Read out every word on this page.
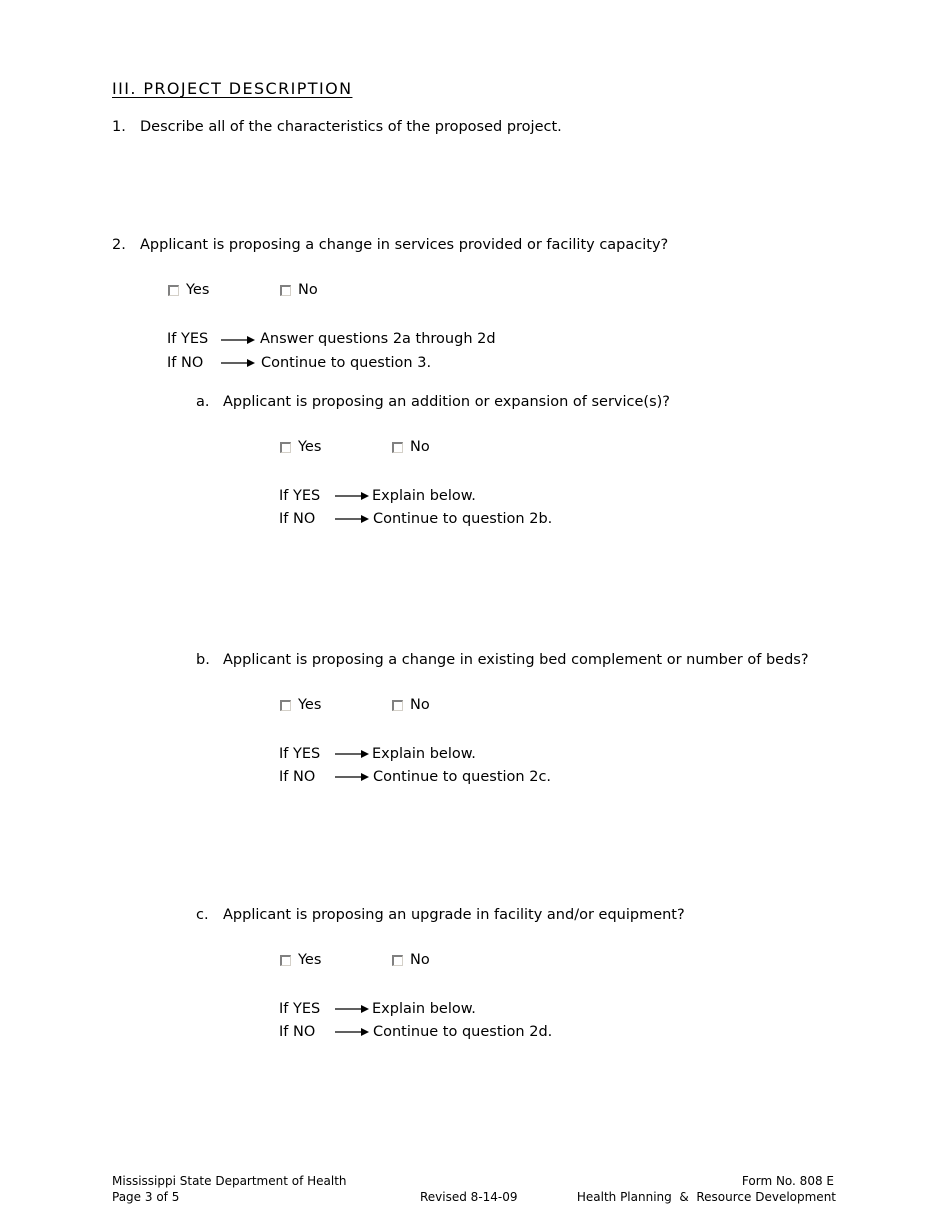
III. PROJECT DESCRIPTION
1. Describe all of the characteristics of the proposed project.
2. Applicant is proposing a change in services provided or facility capacity?
Yes	No
If YES	Answer questions 2a through 2d
If NO	Continue to question 3.
a. Applicant is proposing an addition or expansion of service(s)?
Yes	No
If YES	Explain below.
If NO	Continue to question 2b.
b. Applicant is proposing a change in existing bed complement or number of beds?
Yes	No
If YES	Explain below.
If NO	Continue to question 2c.
c. Applicant is proposing an upgrade in facility and/or equipment?
Yes	No
If YES	Explain below.
If NO	Continue to question 2d.
Mississippi State Department of Health
Page 3 of 5	Revised 8-14-09
Form No. 808 E
Health Planning  &  Resource Development
